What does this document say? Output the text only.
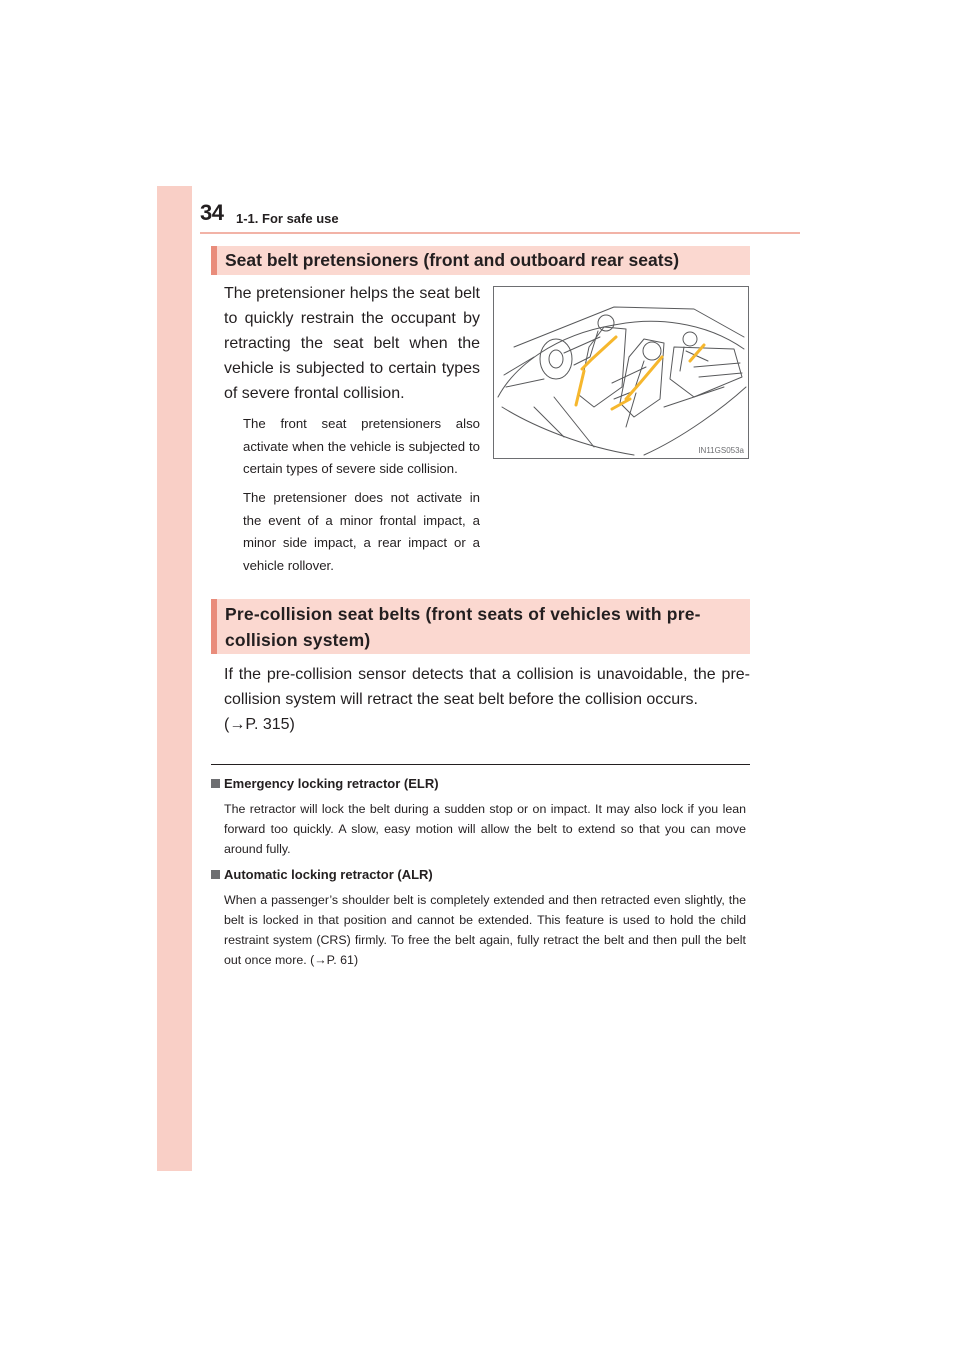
34 1-1. For safe use
Seat belt pretensioners (front and outboard rear seats)

The pretensioner helps the seat belt to quickly restrain the occupant by retracting the seat belt when the vehicle is subjected to certain types of severe frontal collision.

The front seat pretensioners also activate when the vehicle is subjected to certain types of severe side collision.

The pretensioner does not activate in the event of a minor frontal impact, a minor side impact, a rear impact or a vehicle rollover.

IN11GS053a
Pre-collision seat belts (front seats of vehicles with pre-collision system)

If the pre-collision sensor detects that a collision is unavoidable, the pre-collision system will retract the seat belt before the collision occurs.

(→P. 315)
Emergency locking retractor (ELR)

The retractor will lock the belt during a sudden stop or on impact. It may also lock if you lean forward too quickly. A slow, easy motion will allow the belt to extend so that you can move around fully.

Automatic locking retractor (ALR)

When a passenger’s shoulder belt is completely extended and then retracted even slightly, the belt is locked in that position and cannot be extended. This feature is used to hold the child restraint system (CRS) firmly. To free the belt again, fully retract the belt and then pull the belt out once more. (→P. 61)
